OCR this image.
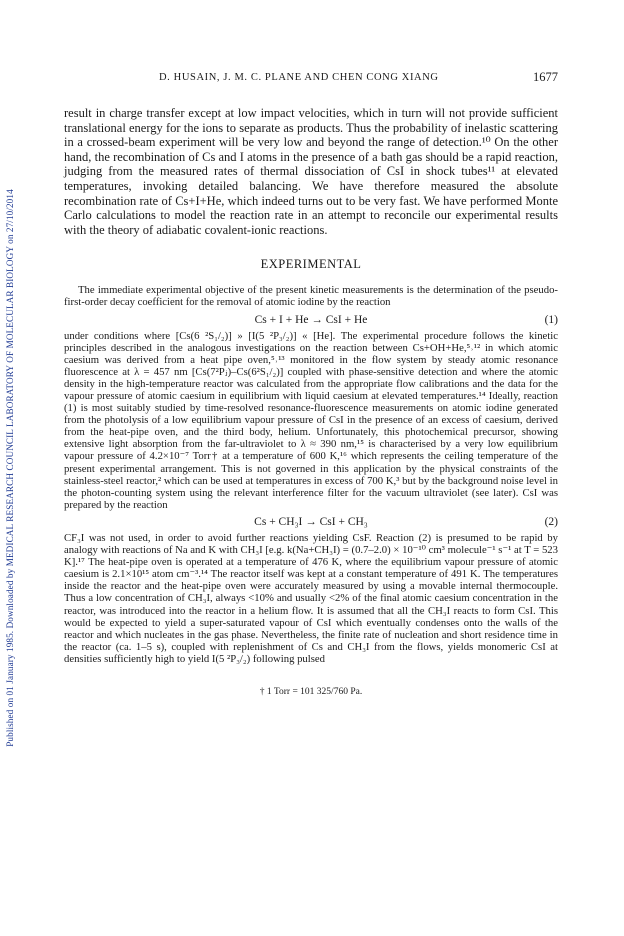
Published on 01 January 1985. Downloaded by MEDICAL RESEARCH COUNCIL LABORATORY OF MOLECULAR BIOLOGY on 27/10/2014
D. HUSAIN, J. M. C. PLANE AND CHEN CONG XIANG	1677

result in charge transfer except at low impact velocities, which in turn will not provide sufficient translational energy for the ions to separate as products. Thus the probability of inelastic scattering in a crossed-beam experiment will be very low and beyond the range of detection.¹⁰ On the other hand, the recombination of Cs and I atoms in the presence of a bath gas should be a rapid reaction, judging from the measured rates of thermal dissociation of CsI in shock tubes¹¹ at elevated temperatures, invoking detailed balancing. We have therefore measured the absolute recombination rate of Cs+I+He, which indeed turns out to be very fast. We have performed Monte Carlo calculations to model the reaction rate in an attempt to reconcile our experimental results with the theory of adiabatic covalent-ionic reactions.

EXPERIMENTAL

The immediate experimental objective of the present kinetic measurements is the determination of the pseudo-first-order decay coefficient for the removal of atomic iodine by the reaction

Cs + I + He → CsI + He	(1)

under conditions where [Cs(6 ²S₁/₂)] » [I(5 ²P₃/₂)] « [He]. The experimental procedure follows the kinetic principles described in the analogous investigations on the reaction between Cs+OH+He,⁵˒¹² in which atomic caesium was derived from a heat pipe oven,⁵˒¹³ monitored in the flow system by steady atomic resonance fluorescence at λ = 457 nm [Cs(7²Pⱼ)–Cs(6²S₁/₂)] coupled with phase-sensitive detection and where the atomic density in the high-temperature reactor was calculated from the appropriate flow calibrations and the data for the vapour pressure of atomic caesium in equilibrium with liquid caesium at elevated temperatures.¹⁴ Ideally, reaction (1) is most suitably studied by time-resolved resonance-fluorescence measurements on atomic iodine generated from the photolysis of a low equilibrium vapour pressure of CsI in the presence of an excess of caesium, derived from the heat-pipe oven, and the third body, helium. Unfortunately, this photochemical precursor, showing extensive light absorption from the far-ultraviolet to λ ≈ 390 nm,¹⁵ is characterised by a very low equilibrium vapour pressure of 4.2×10⁻⁷ Torr† at a temperature of 600 K,¹⁶ which represents the ceiling temperature of the present experimental arrangement. This is not governed in this application by the physical constraints of the stainless-steel reactor,² which can be used at temperatures in excess of 700 K,³ but by the background noise level in the photon-counting system using the relevant interference filter for the vacuum ultraviolet (see later). CsI was prepared by the reaction

Cs + CH₃I → CsI + CH₃	(2)

CF₃I was not used, in order to avoid further reactions yielding CsF. Reaction (2) is presumed to be rapid by analogy with reactions of Na and K with CH₃I [e.g. k(Na+CH₃I) = (0.7–2.0) × 10⁻¹⁰ cm³ molecule⁻¹ s⁻¹ at T = 523 K].¹⁷ The heat-pipe oven is operated at a temperature of 476 K, where the equilibrium vapour pressure of atomic caesium is 2.1×10¹⁵ atom cm⁻³.¹⁴ The reactor itself was kept at a constant temperature of 491 K. The temperatures inside the reactor and the heat-pipe oven were accurately measured by using a movable internal thermocouple. Thus a low concentration of CH₃I, always <10% and usually <2% of the final atomic caesium concentration in the reactor, was introduced into the reactor in a helium flow. It is assumed that all the CH₃I reacts to form CsI. This would be expected to yield a super-saturated vapour of CsI which eventually condenses onto the walls of the reactor and which nucleates in the gas phase. Nevertheless, the finite rate of nucleation and short residence time in the reactor (ca. 1–5 s), coupled with replenishment of Cs and CH₃I from the flows, yields monomeric CsI at densities sufficiently high to yield I(5 ²P₃/₂) following pulsed

† 1 Torr = 101 325/760 Pa.
